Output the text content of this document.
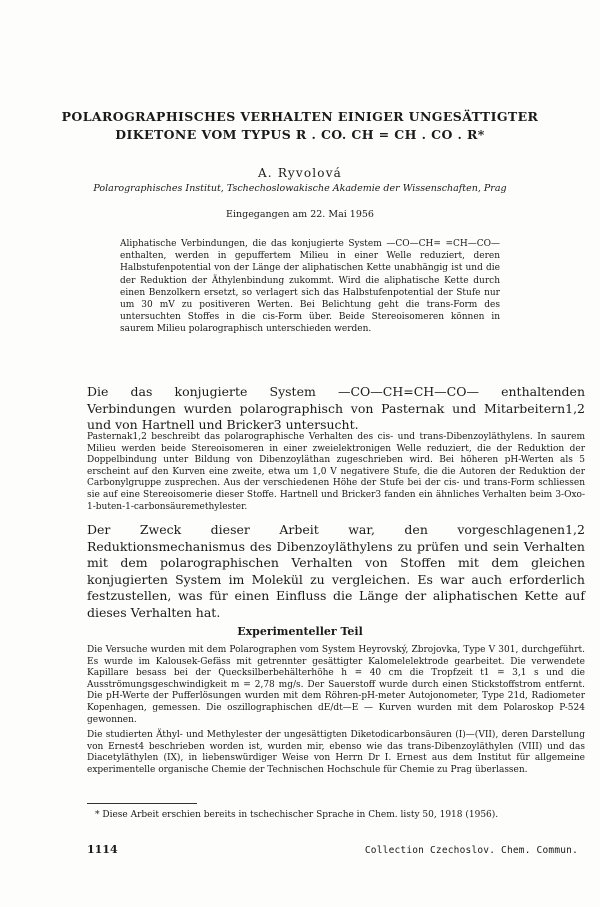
POLAROGRAPHISCHES VERHALTEN EINIGER UNGESÄTTIGTER
DIKETONE VOM TYPUS R . CO. CH = CH . CO . R*
A. Ryvolová
Polarographisches Institut, Tschechoslowakische Akademie der Wissenschaften, Prag
Eingegangen am 22. Mai 1956

Aliphatische Verbindungen, die das konjugierte System —CO—CH= =CH—CO— enthalten, werden in gepuffertem Milieu in einer Welle reduziert, deren Halbstufenpotential von der Länge der aliphatischen Kette unabhängig ist und die der Reduktion der Äthylenbindung zukommt. Wird die aliphatische Kette durch einen Benzolkern ersetzt, so verlagert sich das Halbstufenpotential der Stufe nur um 30 mV zu positiveren Werten. Bei Belichtung geht die trans-Form des untersuchten Stoffes in die cis-Form über. Beide Stereoisomeren können in saurem Milieu polarographisch unterschieden werden.

Die das konjugierte System —CO—CH=CH—CO— enthaltenden Verbindungen wurden polarographisch von Pasternak und Mitarbeitern1,2 und von Hartnell und Bricker3 untersucht.

Pasternak1,2 beschreibt das polarographische Verhalten des cis- und trans-Dibenzoyläthylens. In saurem Milieu werden beide Stereoisomeren in einer zweielektronigen Welle reduziert, die der Reduktion der Doppelbindung unter Bildung von Dibenzoyläthan zugeschrieben wird. Bei höheren pH-Werten als 5 erscheint auf den Kurven eine zweite, etwa um 1,0 V negativere Stufe, die die Autoren der Reduktion der Carbonylgruppe zusprechen. Aus der verschiedenen Höhe der Stufe bei der cis- und trans-Form schliessen sie auf eine Stereoisomerie dieser Stoffe. Hartnell und Bricker3 fanden ein ähnliches Verhalten beim 3-Oxo-1-buten-1-carbonsäuremethylester.

Der Zweck dieser Arbeit war, den vorgeschlagenen1,2 Reduktionsmechanismus des Dibenzoyläthylens zu prüfen und sein Verhalten mit dem polarographischen Verhalten von Stoffen mit dem gleichen konjugierten System im Molekül zu vergleichen. Es war auch erforderlich festzustellen, was für einen Einfluss die Länge der aliphatischen Kette auf dieses Verhalten hat.

Experimenteller Teil

Die Versuche wurden mit dem Polarographen vom System Heyrovský, Zbrojovka, Type V 301, durchgeführt. Es wurde im Kalousek-Gefäss mit getrennter gesättigter Kalomelelektrode gearbeitet. Die verwendete Kapillare besass bei der Quecksilberbehälterhöhe h = 40 cm die Tropfzeit t1 = 3,1 s und die Ausströmungsgeschwindigkeit m = 2,78 mg/s. Der Sauerstoff wurde durch einen Stickstoffstrom entfernt. Die pH-Werte der Pufferlösungen wurden mit dem Röhren-pH-meter Autojonometer, Type 21d, Radiometer Kopenhagen, gemessen. Die oszillographischen dE/dt—E — Kurven wurden mit dem Polaroskop P-524 gewonnen.

Die studierten Äthyl- und Methylester der ungesättigten Diketodicarbonsäuren (I)—(VII), deren Darstellung von Ernest4 beschrieben worden ist, wurden mir, ebenso wie das trans-Dibenzoyläthylen (VIII) und das Diacetyläthylen (IX), in liebenswürdiger Weise von Herrn Dr I. Ernest aus dem Institut für allgemeine experimentelle organische Chemie der Technischen Hochschule für Chemie zu Prag überlassen.

* Diese Arbeit erschien bereits in tschechischer Sprache in Chem. listy 50, 1918 (1956).

1114	Collection Czechoslov. Chem. Commun.
